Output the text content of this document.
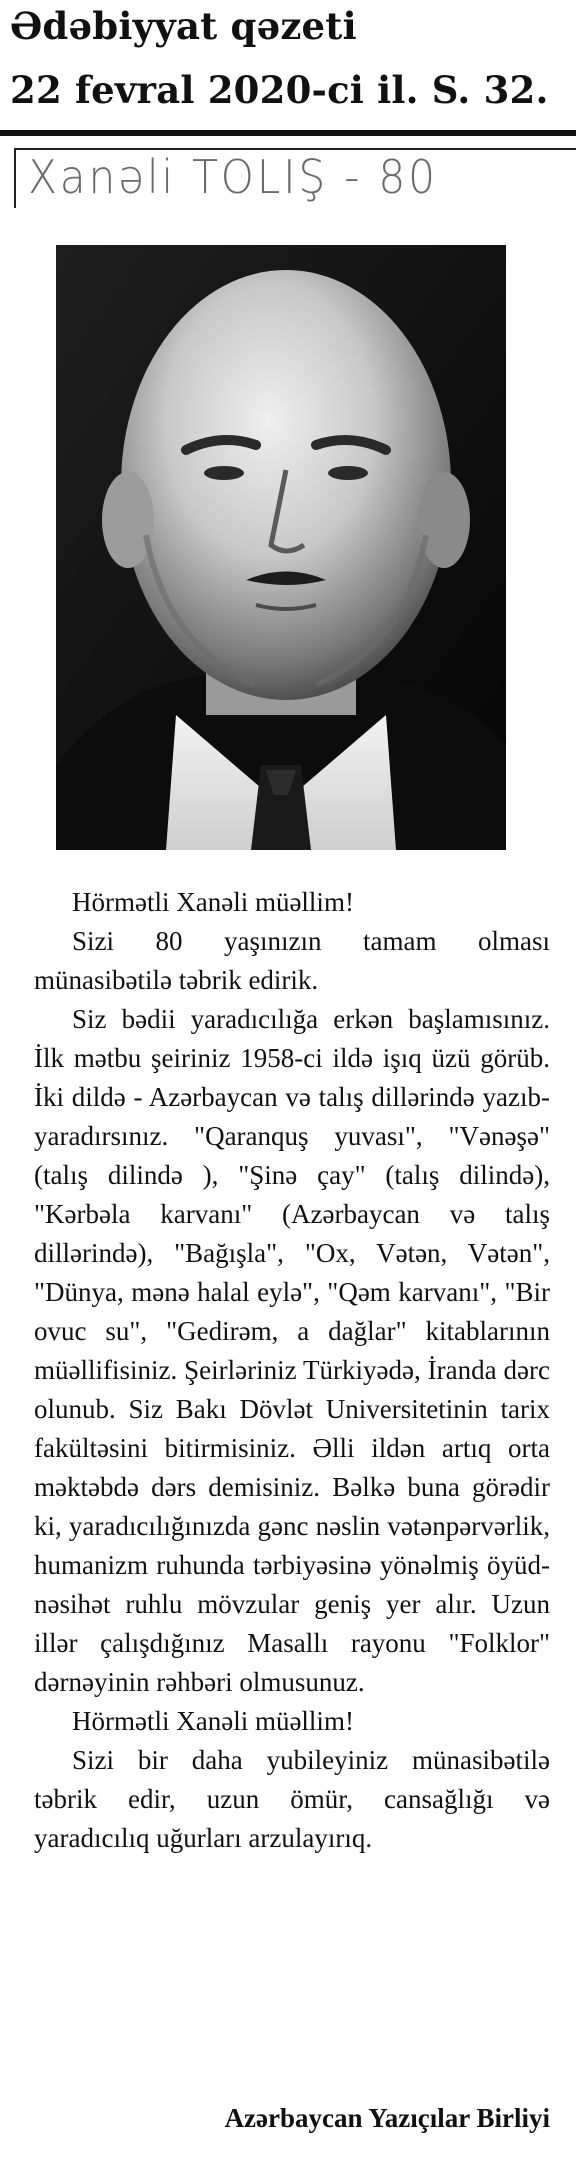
Ədəbiyyat qəzeti
22 fevral 2020-ci il. S. 32.
Xanəli TOLIŞ - 80

Hörmətli Xanəli müəllim!

Sizi 80 yaşınızın tamam olması münasibətilə təbrik edirik.

Siz bədii yaradıcılığa erkən başlamısınız. İlk mətbu şeiriniz 1958-ci ildə işıq üzü görüb. İki dildə - Azərbaycan və talış dillərində yazıb-yaradırsınız. "Qaranquş yuvası", "Vənəşə" (talış dilində ), "Şinə çay" (talış dilində), "Kərbəla karvanı" (Azərbaycan və talış dillərində), "Bağışla", "Ox, Vətən, Vətən", "Dünya, mənə halal eylə", "Qəm karvanı", "Bir ovuc su", "Gedirəm, a dağlar" kitablarının müəllifisiniz. Şeirləriniz Türkiyədə, İranda dərc olunub. Siz Bakı Dövlət Universitetinin tarix fakültəsini bitirmisiniz. Əlli ildən artıq orta məktəbdə dərs demisiniz. Bəlkə buna görədir ki, yaradıcılığınızda gənc nəslin vətənpərvərlik, humanizm ruhunda tərbiyəsinə yönəlmiş öyüd-nəsihət ruhlu mövzular geniş yer alır. Uzun illər çalışdığınız Masallı rayonu "Folklor" dərnəyinin rəhbəri olmusunuz.

Hörmətli Xanəli müəllim!

Sizi bir daha yubileyiniz münasibətilə təbrik edir, uzun ömür, cansağlığı və yaradıcılıq uğurları arzulayırıq.

Azərbaycan Yazıçılar Birliyi
